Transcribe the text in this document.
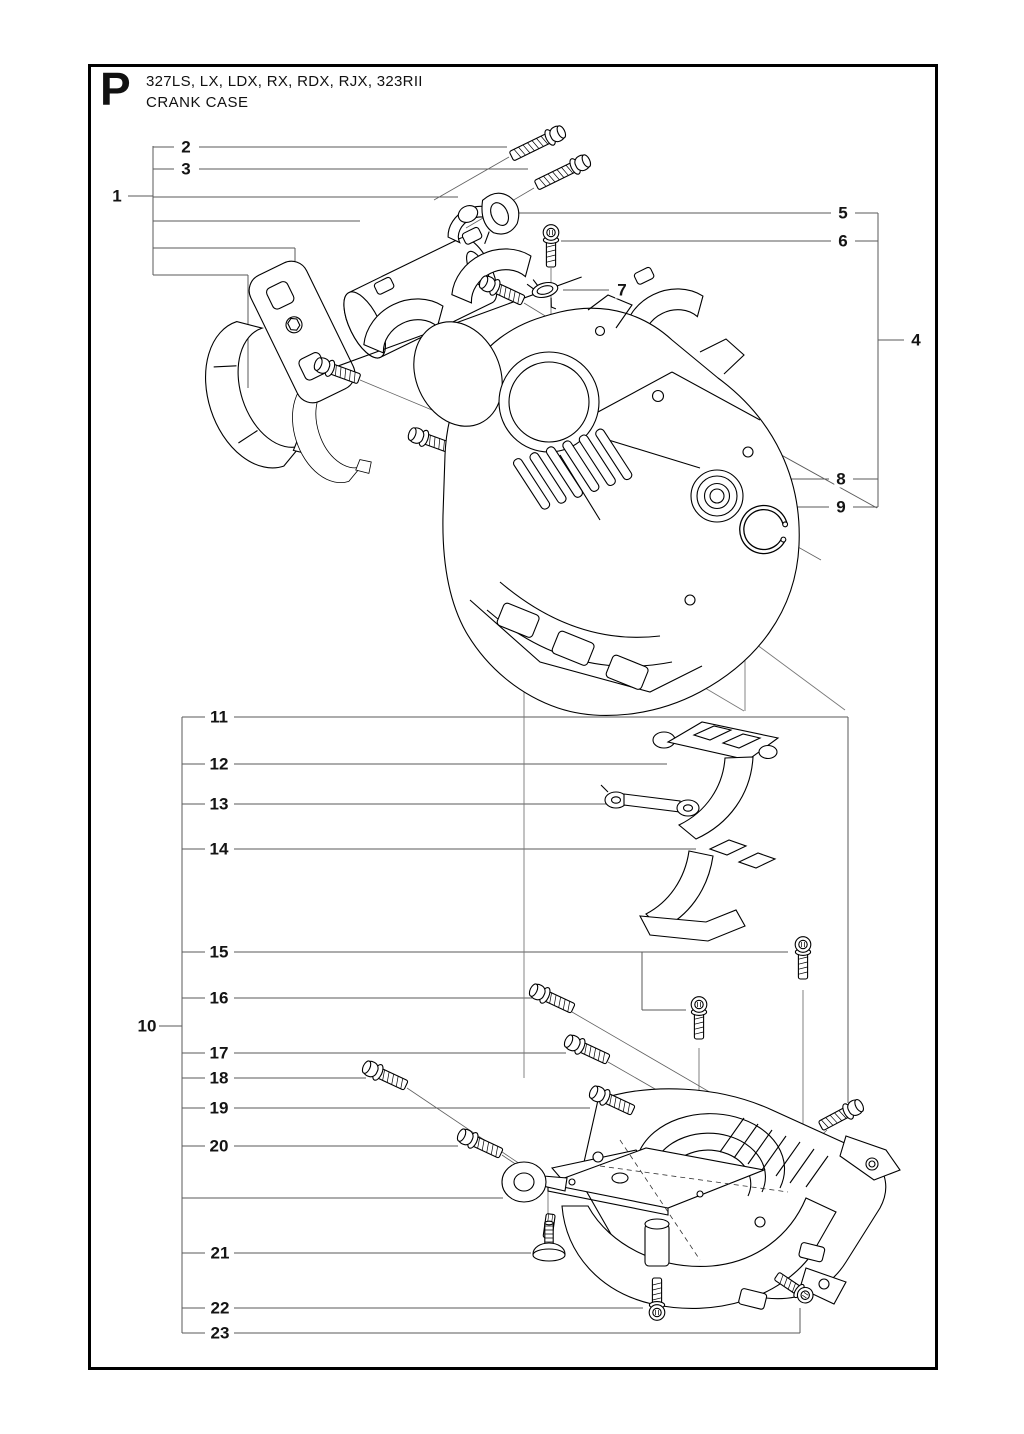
P 327LS, LX, LDX, RX, RDX, RJX, 323RII
CRANK CASE
1
2
3
4
5
6
7
8
9
10
11
12
13
14
15
16
17
18
19
20
21
22
23
